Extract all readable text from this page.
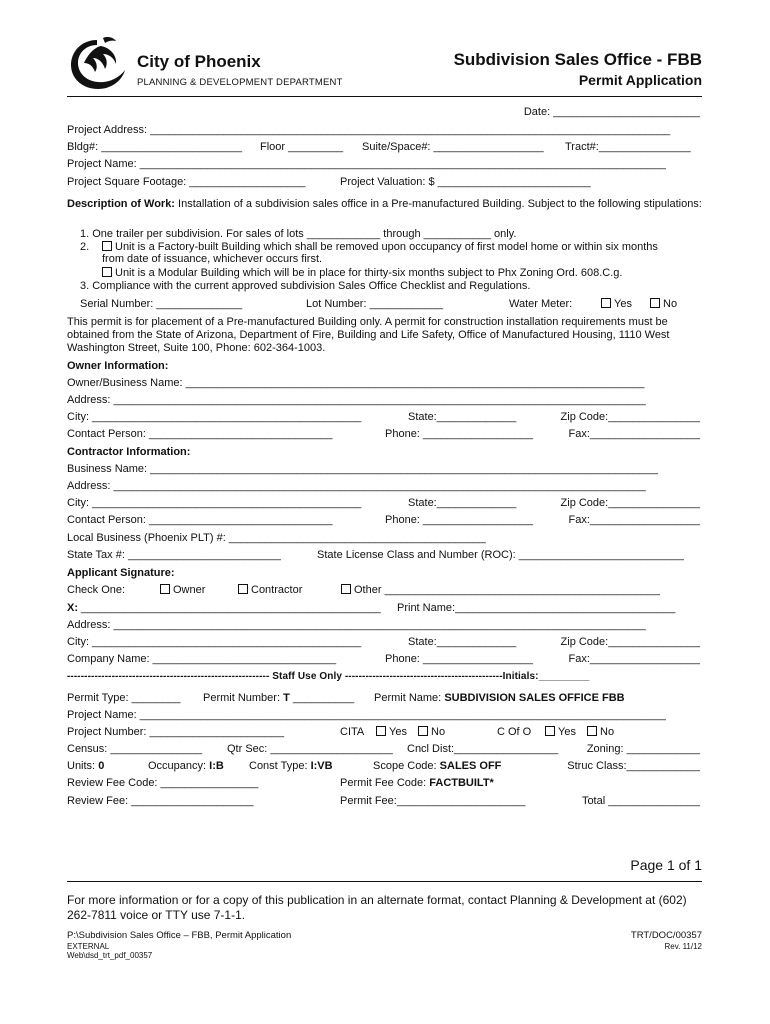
City of Phoenix
PLANNING & DEVELOPMENT DEPARTMENT
Subdivision Sales Office - FBB
Permit Application
Date: ________________________
Project Address: _____________________________________________________________________________________
Bldg#: _______________________ Floor _________ Suite/Space#: __________________ Tract#:_______________
Project Name: ______________________________________________________________________________________
Project Square Footage: ___________________	Project Valuation: $ _________________________
Description of Work: Installation of a subdivision sales office in a Pre-manufactured Building. Subject to the following stipulations:
1. One trailer per subdivision. For sales of lots ____________ through ___________ only.
2.	Unit is a Factory-built Building which shall be removed upon occupancy of first model home or within six months
from date of issuance, whichever occurs first.
Unit is a Modular Building which will be in place for thirty-six months subject to Phx Zoning Ord. 608.C.g.
3. Compliance with the current approved subdivision Sales Office Checklist and Regulations.
Serial Number: ______________	Lot Number: ____________	Water Meter:	Yes	No
This permit is for placement of a Pre-manufactured Building only. A permit for construction installation requirements must be obtained from the State of Arizona, Department of Fire, Building and Life Safety, Office of Manufactured Housing, 1110 West Washington Street, Suite 100, Phone: 602-364-1003.
Owner Information:
Owner/Business Name: ___________________________________________________________________________
Address: _______________________________________________________________________________________
City: ____________________________________________	State:_____________	Zip Code:_______________
Contact Person: ______________________________	Phone: __________________	Fax:__________________
Contractor Information:
Business Name: ___________________________________________________________________________________
Address: _______________________________________________________________________________________
City: ____________________________________________	State:_____________	Zip Code:_______________
Contact Person: ______________________________	Phone: __________________	Fax:__________________
Local Business (Phoenix PLT) #: __________________________________________
State Tax #: _________________________	State License Class and Number (ROC): ___________________________
Applicant Signature:
Check One:	Owner	Contractor	Other _____________________________________________
X: _________________________________________________ Print Name:____________________________________
Address: _______________________________________________________________________________________
City: ____________________________________________	State:_____________	Zip Code:_______________
Company Name: ______________________________	Phone: __________________	Fax:__________________
----------------------------------------------------------- Staff Use Only ----------------------------------------------Initials:_________
Permit Type: ________ Permit Number: T __________ Permit Name: SUBDIVISION SALES OFFICE FBB
Project Name: ______________________________________________________________________________________
Project Number: ______________________	CITA	Yes	No	C Of O	Yes	No
Census: _______________ Qtr Sec: ____________________ Cncl Dist:_________________	Zoning: ____________
Units: 0	Occupancy: I:B Const Type: I:VB	Scope Code: SALES OFF	Struc Class:____________
Review Fee Code: ________________	Permit Fee Code: FACTBUILT*
Review Fee: ____________________	Permit Fee:_____________________	Total _______________
Page 1 of 1
For more information or for a copy of this publication in an alternate format, contact Planning & Development at (602) 262-7811 voice or TTY use 7-1-1.
P:\Subdivision Sales Office – FBB, Permit Application
EXTERNAL
Web\dsd_trt_pdf_00357
TRT/DOC/00357
Rev. 11/12
